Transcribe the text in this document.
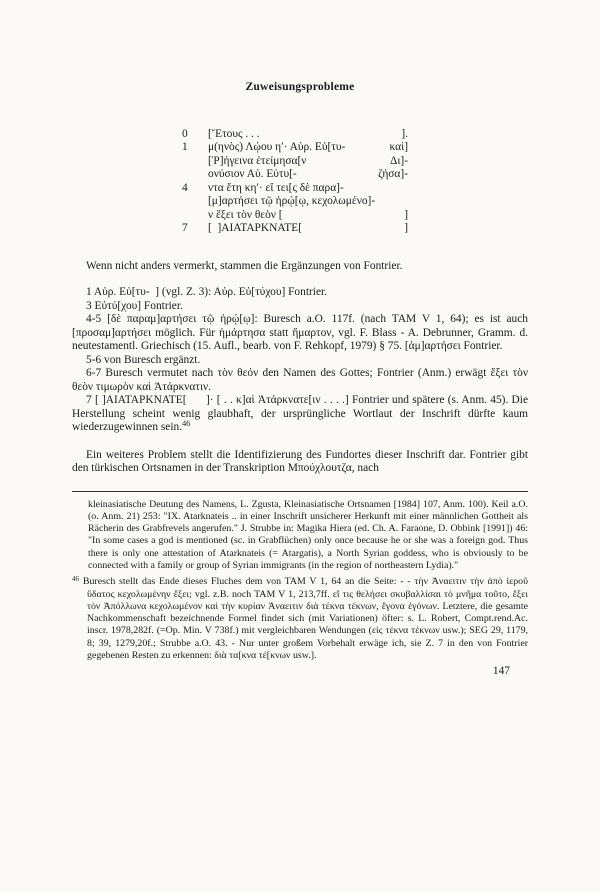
Zuweisungsprobleme
0	[Ἔτους . . .	].
1	μ(ηνὸς) Λῴου η′· Αὐρ. Εὐ[τυ-	καὶ]
[Ῥ]ήγεινα ἐτείμησα[ν	Δι]-
ονύσιον Αὐ. Εὐτυ[-	ζήσα]-
4	ντα ἔτη κη′· εἴ τει[ς δὲ παρα]-
[μ]αρτήσει τῷ ἡρῴ[ῳ, κεχολωμένο]-
ν ἕξει τὸν θεὸν [	]
7	[  ]ΑΙΑΤΑΡΚΝΑΤΕ[	]

Wenn nicht anders vermerkt, stammen die Ergänzungen von Fontrier.

1 Αὐρ. Εὐ[τυ-  ] (vgl. Z. 3): Αὐρ. Εὐ[τύχου] Fontrier.

3 Εὐτύ[χου] Fontrier.

4-5 [δὲ παραμ]αρτήσει τῷ ἡρῴ[ῳ]: Buresch a.O. 117f. (nach TAM V 1, 64); es ist auch [προσαμ]αρτήσει möglich. Für ἡμάρτησα statt ἥμαρτον, vgl. F. Blass - A. Debrunner, Gramm. d. neutestamentl. Griechisch (15. Aufl., bearb. von F. Rehkopf, 1979) § 75. [ἁμ]αρτήσει Fontrier.

5-6 von Buresch ergänzt.

6-7 Buresch vermutet nach τὸν θεόν den Namen des Gottes; Fontrier (Anm.) erwägt ἕξει τὸν θεὸν τιμωρὸν καὶ Ἀτάρκνατιν.

7 [ ]ΑΙΑΤΑΡΚΝΑΤΕ[      ]· [ . . κ]αὶ Ἀτάρκνατε[ιν . . . .] Fontrier und spätere (s. Anm. 45). Die Herstellung scheint wenig glaubhaft, der ursprüngliche Wortlaut der Inschrift dürfte kaum wiederzugewinnen sein.$^{46}$

Ein weiteres Problem stellt die Identifizierung des Fundortes dieser Inschrift dar. Fontrier gibt den türkischen Ortsnamen in der Transkription Μπούχλουτζα, nach

kleinasiatische Deutung des Namens, L. Zgusta, Kleinasiatische Ortsnamen [1984] 107, Anm. 100). Keil a.O. (o. Anm. 21) 253: "IX. Atarknateis .. in einer Inschrift unsicherer Herkunft mit einer männlichen Gottheit als Rächerin des Grabfrevels angerufen." J. Strubbe in: Magika Hiera (ed. Ch. A. Faraone, D. Obbink [1991]) 46: "In some cases a god is mentioned (sc. in Grabflüchen) only once because he or she was a foreign god. Thus there is only one attestation of Atarknateis (= Atargatis), a North Syrian goddess, who is obviously to be connected with a family or group of Syrian immigrants (in the region of northeastern Lydia)."

$^{46}$ Buresch stellt das Ende dieses Fluches dem von TAM V 1, 64 an die Seite: - - τὴν Ἀναειτιν τὴν ἀπὸ ἱεροῦ ὕδατος κεχολωμένην ἕξει; vgl. z.B. noch TAM V 1, 213,7ff. εἴ τις θελήσει σκυβαλλίσαι τὸ μνῆμα τοῦτο, ἕξει τὸν Ἀπόλλωνα κεχολωμένον καὶ τὴν κυρίαν Ἀναειτιν διὰ τέκνα τέκνων, ἔγονα ἐγόνων. Letztere, die gesamte Nachkommenschaft bezeichnende Formel findet sich (mit Variationen) öfter: s. L. Robert, Compt.rend.Ac. inscr. 1978,282f. (=Op. Min. V 738f.) mit vergleichbaren Wendungen (εἰς τέκνα τέκνων usw.); SEG 29, 1179, 8; 39, 1279,20f.; Strubbe a.O. 43. - Nur unter großem Vorbehalt erwäge ich, sie Z. 7 in den von Fontrier gegebenen Resten zu erkennen: διὰ τα[κνα τέ[κνων usw.].

147
